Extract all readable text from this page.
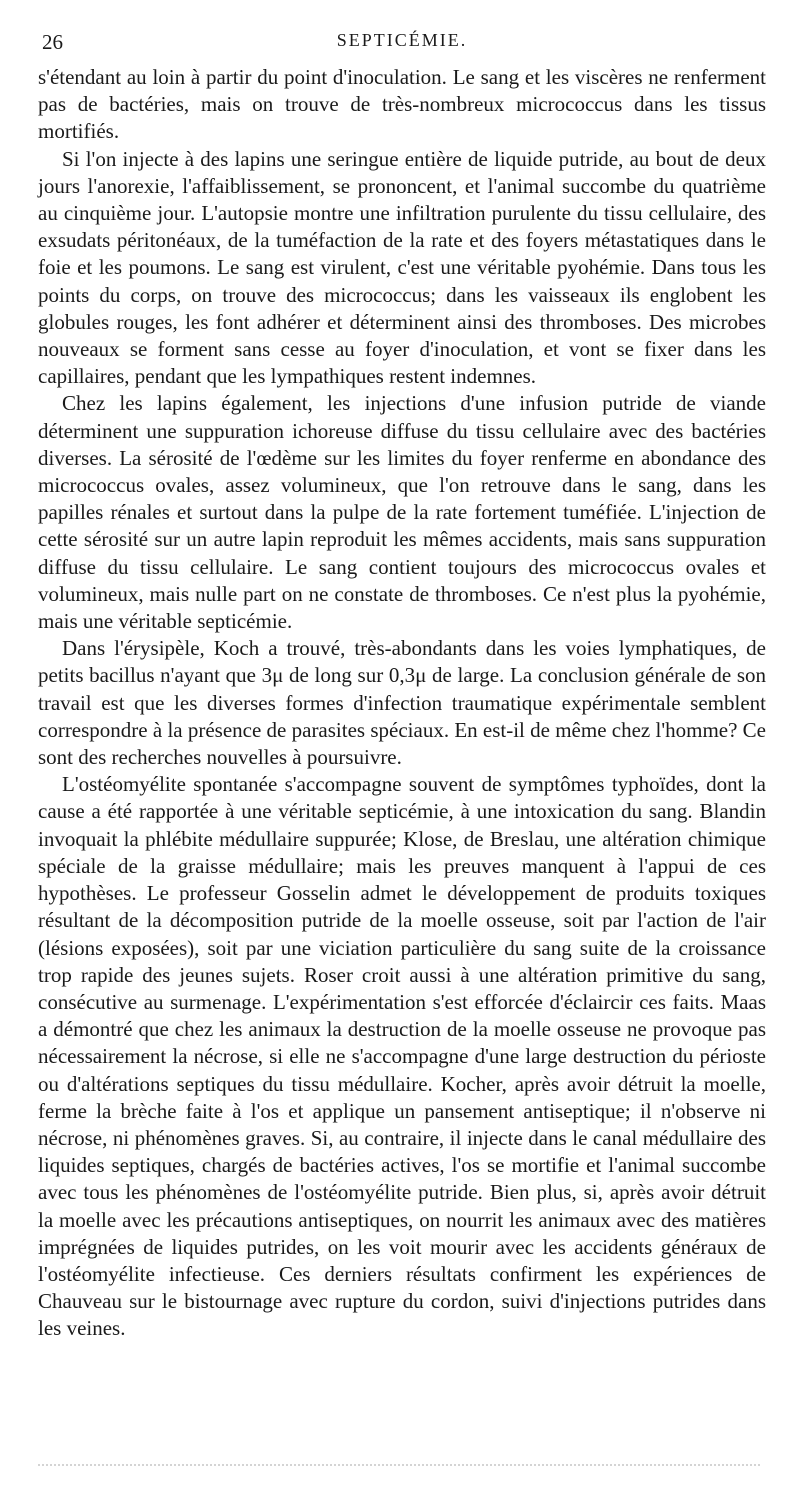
26	SEPTICÉMIE.

s'étendant au loin à partir du point d'inoculation. Le sang et les viscères ne renferment pas de bactéries, mais on trouve de très-nombreux micrococcus dans les tissus mortifiés.

Si l'on injecte à des lapins une seringue entière de liquide putride, au bout de deux jours l'anorexie, l'affaiblissement, se prononcent, et l'animal succombe du quatrième au cinquième jour. L'autopsie montre une infiltration purulente du tissu cellulaire, des exsudats péritonéaux, de la tuméfaction de la rate et des foyers métastatiques dans le foie et les poumons. Le sang est virulent, c'est une véritable pyohémie. Dans tous les points du corps, on trouve des micrococcus; dans les vaisseaux ils englobent les globules rouges, les font adhérer et déterminent ainsi des thromboses. Des microbes nouveaux se forment sans cesse au foyer d'inoculation, et vont se fixer dans les capillaires, pendant que les lympathiques restent indemnes.

Chez les lapins également, les injections d'une infusion putride de viande déterminent une suppuration ichoreuse diffuse du tissu cellulaire avec des bactéries diverses. La sérosité de l'œdème sur les limites du foyer renferme en abondance des micrococcus ovales, assez volumineux, que l'on retrouve dans le sang, dans les papilles rénales et surtout dans la pulpe de la rate fortement tuméfiée. L'injection de cette sérosité sur un autre lapin reproduit les mêmes accidents, mais sans suppuration diffuse du tissu cellulaire. Le sang contient toujours des micrococcus ovales et volumineux, mais nulle part on ne constate de thromboses. Ce n'est plus la pyohémie, mais une véritable septicémie.

Dans l'érysipèle, Koch a trouvé, très-abondants dans les voies lymphatiques, de petits bacillus n'ayant que 3μ de long sur 0,3μ de large. La conclusion générale de son travail est que les diverses formes d'infection traumatique expérimentale semblent correspondre à la présence de parasites spéciaux. En est-il de même chez l'homme? Ce sont des recherches nouvelles à poursuivre.

L'ostéomyélite spontanée s'accompagne souvent de symptômes typhoïdes, dont la cause a été rapportée à une véritable septicémie, à une intoxication du sang. Blandin invoquait la phlébite médullaire suppurée; Klose, de Breslau, une altération chimique spéciale de la graisse médullaire; mais les preuves manquent à l'appui de ces hypothèses. Le professeur Gosselin admet le développement de produits toxiques résultant de la décomposition putride de la moelle osseuse, soit par l'action de l'air (lésions exposées), soit par une viciation particulière du sang suite de la croissance trop rapide des jeunes sujets. Roser croit aussi à une altération primitive du sang, consécutive au surmenage. L'expérimentation s'est efforcée d'éclaircir ces faits. Maas a démontré que chez les animaux la destruction de la moelle osseuse ne provoque pas nécessairement la nécrose, si elle ne s'accompagne d'une large destruction du périoste ou d'altérations septiques du tissu médullaire. Kocher, après avoir détruit la moelle, ferme la brèche faite à l'os et applique un pansement antiseptique; il n'observe ni nécrose, ni phénomènes graves. Si, au contraire, il injecte dans le canal médullaire des liquides septiques, chargés de bactéries actives, l'os se mortifie et l'animal succombe avec tous les phénomènes de l'ostéomyélite putride. Bien plus, si, après avoir détruit la moelle avec les précautions antiseptiques, on nourrit les animaux avec des matières imprégnées de liquides putrides, on les voit mourir avec les accidents généraux de l'ostéomyélite infectieuse. Ces derniers résultats confirment les expériences de Chauveau sur le bistournage avec rupture du cordon, suivi d'injections putrides dans les veines.
